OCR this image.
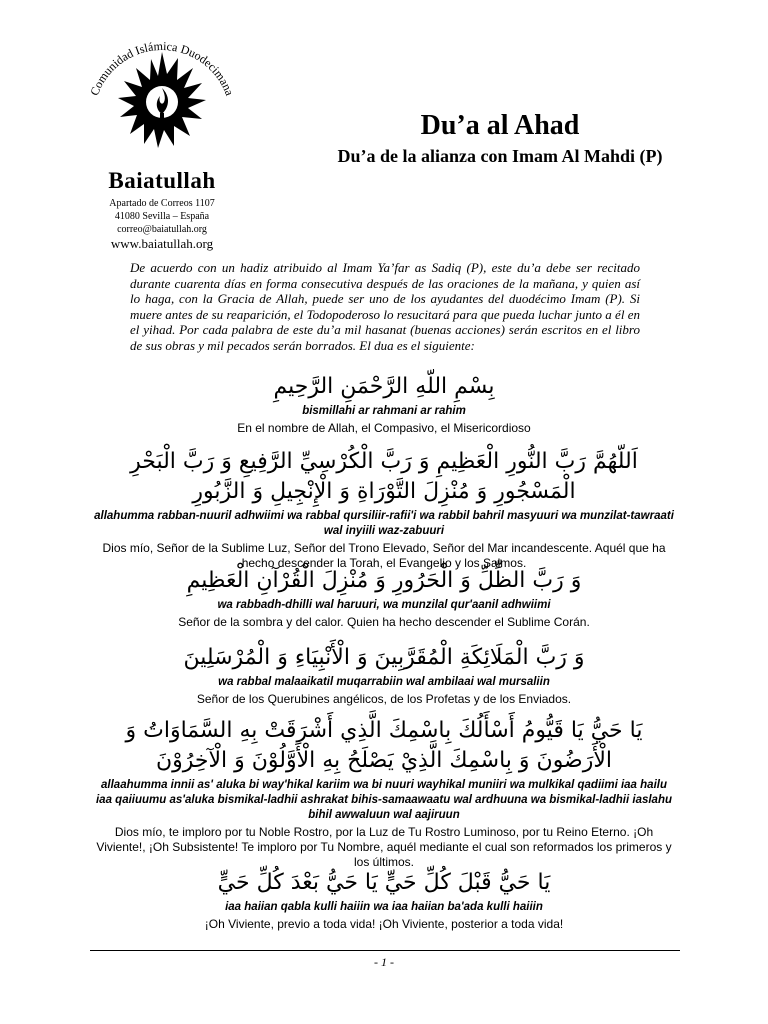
Comunidad Islámica Duodecimana
Baiatullah
Apartado de Correos 1107
41080 Sevilla – España
correo@baiatullah.org
www.baiatullah.org
Du’a al Ahad
Du’a de la alianza con Imam Al Mahdi (P)
De acuerdo con un hadiz atribuido al Imam Ya’far as Sadiq (P), este du’a debe ser recitado durante cuarenta días en forma consecutiva después de las oraciones de la mañana, y quien así lo haga, con la Gracia de Allah, puede ser uno de los ayudantes del duodécimo Imam (P). Si muere antes de su reaparición, el Todopoderoso lo resucitará para que pueda luchar junto a él en el yihad. Por cada palabra de este du’a mil hasanat (buenas acciones) serán escritos en el libro de sus obras y mil pecados serán borrados. El dua es el siguiente:
بِسْمِ اللّهِ الرَّحْمَنِ الرَّحِيمِ
bismillahi ar rahmani ar rahim
En el nombre de Allah, el Compasivo, el Misericordioso
اَللّهُمَّ رَبَّ النُّورِ الْعَظِيمِ وَ رَبَّ الْكُرْسِيِّ الرَّفِيعِ وَ رَبَّ الْبَحْرِ الْمَسْجُورِ وَ مُنْزِلَ التَّوْرَاةِ وَ الْإِنْجِيلِ وَ الزَّبُورِ
allahumma rabban-nuuril adhwiimi wa rabbal qursiliir-rafii'i wa rabbil bahril masyuuri wa munzilat-tawraati wal inyiili waz-zabuuri
Dios mío, Señor de la Sublime Luz, Señor del Trono Elevado, Señor del Mar incandescente. Aquél que ha hecho descender la Torah, el Evangelio y los Salmos.
وَ رَبَّ الظِّلِّ وَ الْحَرُورِ وَ مُنْزِلَ الْقُرْآنِ الْعَظِيمِ
wa rabbadh-dhilli wal haruuri, wa munzilal qur'aanil adhwiimi
Señor de la sombra y del calor. Quien ha hecho descender el Sublime Corán.
وَ رَبَّ الْمَلَائِكَةِ الْمُقَرَّبِينَ وَ الْأَنْبِيَاءِ وَ الْمُرْسَلِينَ
wa rabbal malaaikatil muqarrabiin wal ambilaai wal mursaliin
Señor de los Querubines angélicos, de los Profetas y de los Enviados.
يَا حَيُّ يَا قَيُّومُ أَسْأَلُكَ بِاسْمِكَ الَّذِي أَشْرَقَتْ بِهِ السَّمَاوَاتُ وَ الْأَرَضُونَ وَ بِاسْمِكَ الَّذِيْ يَصْلَحُ بِهِ الْأَوَّلُوْنَ وَ الْآخِرُوْنَ
allaahumma innii as' aluka bi way'hikal kariim wa bi nuuri wayhikal muniiri wa mulkikal qadiimi iaa hailu iaa qaiiuumu as'aluka bismikal-ladhii ashrakat bihis-samaawaatu wal ardhuuna wa bismikal-ladhii iaslahu bihil awwaluun wal aajiruun
Dios mío, te imploro por tu Noble Rostro, por la Luz de Tu Rostro Luminoso, por tu Reino Eterno. ¡Oh Viviente!, ¡Oh Subsistente! Te imploro por Tu Nombre, aquél mediante el cual son reformados los primeros y los últimos.
يَا حَيُّ قَبْلَ كُلِّ حَيٍّ يَا حَيُّ بَعْدَ كُلِّ حَيٍّ
iaa haiian qabla kulli haiiin wa iaa haiian ba'ada kulli haiiin
¡Oh Viviente, previo a toda vida! ¡Oh Viviente, posterior a toda vida!
- 1 -
